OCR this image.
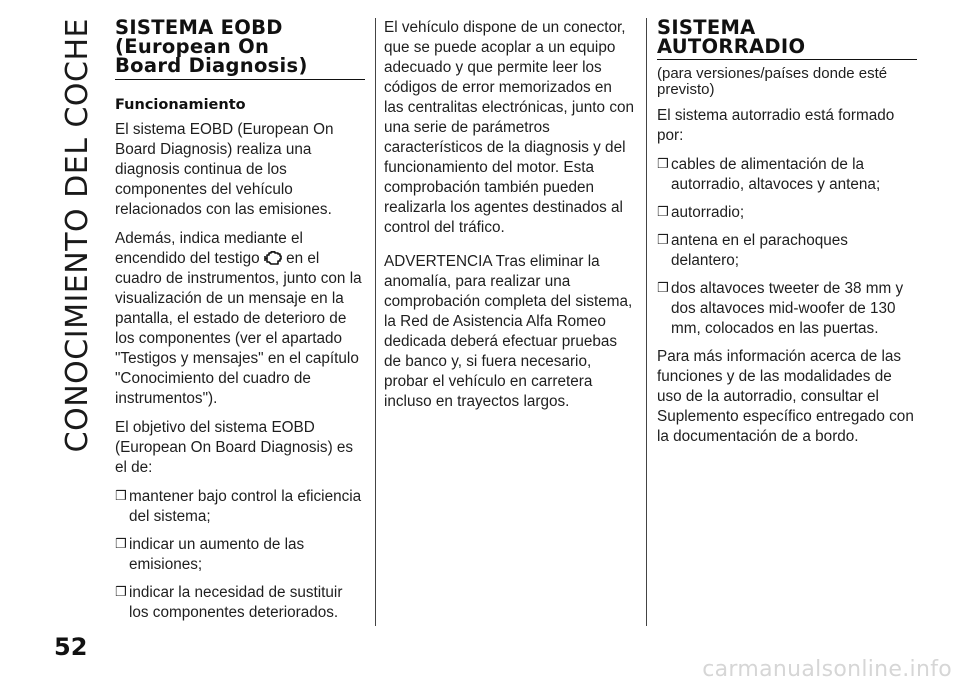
CONOCIMIENTO DEL COCHE
52
SISTEMA EOBD
(European On
Board Diagnosis)
Funcionamiento

El sistema EOBD (European On Board Diagnosis) realiza una diagnosis continua de los componentes del vehículo relacionados con las emisiones.

Además, indica mediante el encendido del testigo en el cuadro de instrumentos, junto con la visualización de un mensaje en la pantalla, el estado de deterioro de los componentes (ver el apartado "Testigos y mensajes" en el capítulo "Conocimiento del cuadro de instrumentos").

El objetivo del sistema EOBD (European On Board Diagnosis) es el de:

❒ mantener bajo control la eficiencia del sistema;
❒ indicar un aumento de las emisiones;
❒ indicar la necesidad de sustituir los componentes deteriorados.

El vehículo dispone de un conector, que se puede acoplar a un equipo adecuado y que permite leer los códigos de error memorizados en las centralitas electrónicas, junto con una serie de parámetros característicos de la diagnosis y del funcionamiento del motor. Esta comprobación también pueden realizarla los agentes destinados al control del tráfico.

ADVERTENCIA Tras eliminar la anomalía, para realizar una comprobación completa del sistema, la Red de Asistencia Alfa Romeo dedicada deberá efectuar pruebas de banco y, si fuera necesario, probar el vehículo en carretera incluso en trayectos largos.

SISTEMA
AUTORRADIO

(para versiones/países donde esté previsto)

El sistema autorradio está formado por:

❒ cables de alimentación de la autorradio, altavoces y antena;
❒ autorradio;
❒ antena en el parachoques delantero;
❒ dos altavoces tweeter de 38 mm y dos altavoces mid-woofer de 130 mm, colocados en las puertas.

Para más información acerca de las funciones y de las modalidades de uso de la autorradio, consultar el Suplemento específico entregado con la documentación de a bordo.

carmanualsonline.info
